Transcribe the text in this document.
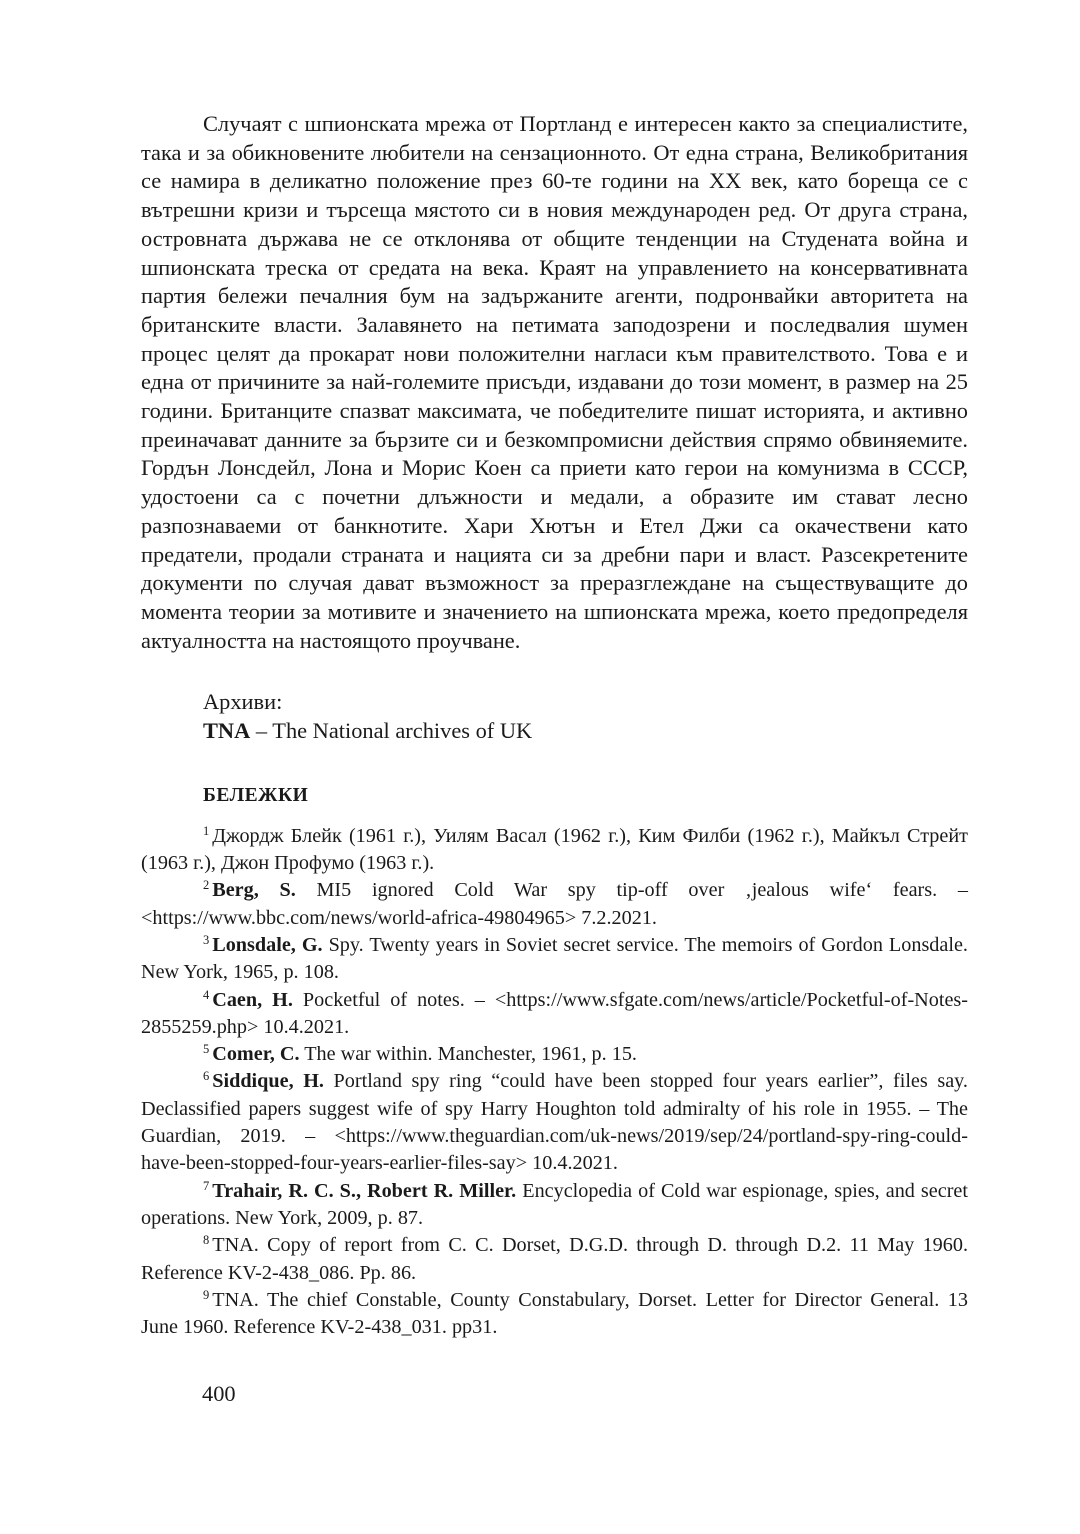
Случаят с шпионската мрежа от Портланд е интересен както за специалистите, така и за обикновените любители на сензационното. От една страна, Великобритания се намира в деликатно положение през 60-те години на XX век, като бореща се с вътрешни кризи и търсеща мястото си в новия международен ред. От друга страна, островната държава не се отклонява от общите тенденции на Студената война и шпионската треска от средата на века. Краят на управлението на консервативната партия бележи печалния бум на задържаните агенти, подронвайки авторитета на британските власти. Залавянето на петимата заподозрени и последвалия шумен процес целят да прокарат нови положителни нагласи към правителството. Това е и една от причините за най-големите присъди, издавани до този момент, в размер на 25 години. Британците спазват максимата, че победителите пишат историята, и активно преиначават данните за бързите си и безкомпромисни действия спрямо обвиняемите. Гордън Лонсдейл, Лона и Морис Коен са приети като герои на комунизма в СССР, удостоени са с почетни длъжности и медали, а образите им стават лесно разпознаваеми от банкнотите. Хари Хютън и Етел Джи са окачествени като предатели, продали страната и нацията си за дребни пари и власт. Разсекретените документи по случая дават възможност за преразглеждане на съществуващите до момента теории за мотивите и значението на шпионската мрежа, което предопределя актуалността на настоящото проучване.

Архиви:
TNA – The National archives of UK
БЕЛЕЖКИ
$^1$ Джордж Блейк (1961 г.), Уилям Васал (1962 г.), Ким Филби (1962 г.), Майкъл Стрейт (1963 г.), Джон Профумо (1963 г.).
$^2$ Berg, S. MI5 ignored Cold War spy tip-off over ‚jealous wife‘ fears. – <https://www.bbc.com/news/world-africa-49804965> 7.2.2021.
$^3$ Lonsdale, G. Spy. Twenty years in Soviet secret service. The memoirs of Gordon Lonsdale. New York, 1965, p. 108.
$^4$ Caen, H. Pocketful of notes. – <https://www.sfgate.com/news/article/Pocketful-of-Notes-2855259.php> 10.4.2021.
$^5$ Comer, C. The war within. Manchester, 1961, p. 15.
$^6$ Siddique, H. Portland spy ring “could have been stopped four years earlier”, files say. Declassified papers suggest wife of spy Harry Houghton told admiralty of his role in 1955. – The Guardian, 2019. – <https://www.theguardian.com/uk-news/2019/sep/24/portland-spy-ring-could-have-been-stopped-four-years-earlier-files-say> 10.4.2021.
$^7$ Trahair, R. C. S., Robert R. Miller. Encyclopedia of Cold war espionage, spies, and secret operations. New York, 2009, p. 87.
$^8$ TNA. Copy of report from C. C. Dorset, D.G.D. through D. through D.2. 11 May 1960. Reference KV-2-438_086. Pp. 86.
$^9$ TNA. The chief Constable, County Constabulary, Dorset. Letter for Director General. 13 June 1960. Reference KV-2-438_031. pp31.
400
